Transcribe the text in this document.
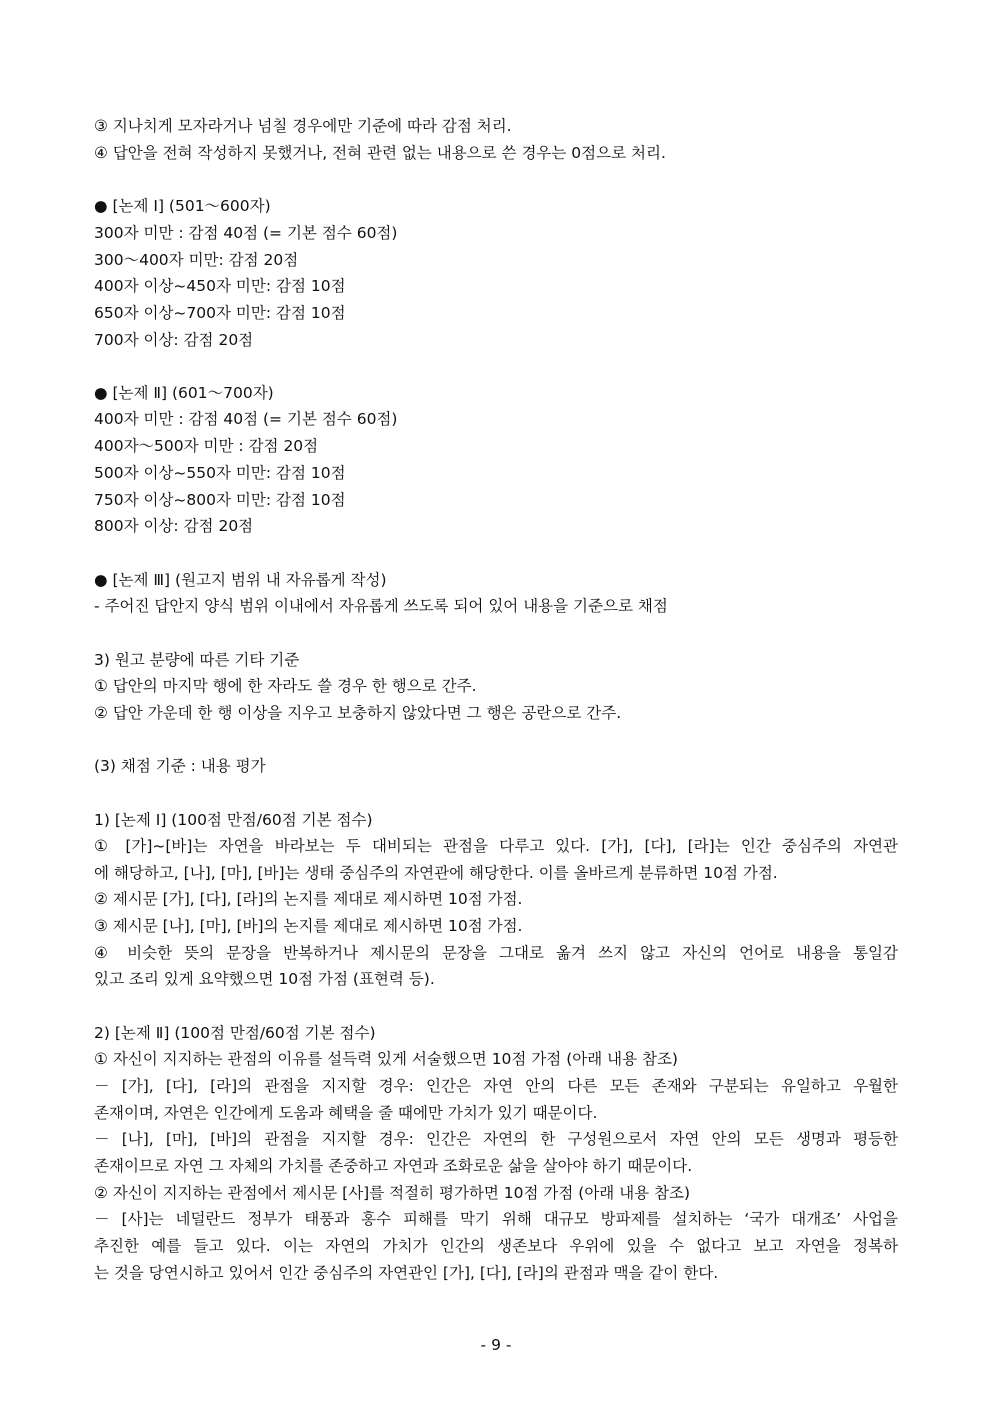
③ 지나치게 모자라거나 넘칠 경우에만 기준에 따라 감점 처리.
④ 답안을 전혀 작성하지 못했거나, 전혀 관련 없는 내용으로 쓴 경우는 0점으로 처리.
● [논제 Ⅰ] (501～600자)
300자 미만 : 감점 40점 (= 기본 점수 60점)
300～400자 미만: 감점 20점
400자 이상~450자 미만: 감점 10점
650자 이상~700자 미만: 감점 10점
700자 이상: 감점 20점
● [논제 Ⅱ] (601～700자)
400자 미만 : 감점 40점 (= 기본 점수 60점)
400자～500자 미만 : 감점 20점
500자 이상~550자 미만: 감점 10점
750자 이상~800자 미만: 감점 10점
800자 이상: 감점 20점
● [논제 Ⅲ] (원고지 범위 내 자유롭게 작성)
- 주어진 답안지 양식 범위 이내에서 자유롭게 쓰도록 되어 있어 내용을 기준으로 채점
3) 원고 분량에 따른 기타 기준
① 답안의 마지막 행에 한 자라도 쓸 경우 한 행으로 간주.
② 답안 가운데 한 행 이상을 지우고 보충하지 않았다면 그 행은 공란으로 간주.
(3) 채점 기준 : 내용 평가
1) [논제 I] (100점 만점/60점 기본 점수)
① [가]~[바]는 자연을 바라보는 두 대비되는 관점을 다루고 있다. [가], [다], [라]는 인간 중심주의 자연관
에 해당하고, [나], [마], [바]는 생태 중심주의 자연관에 해당한다. 이를 올바르게 분류하면 10점 가점.
② 제시문 [가], [다], [라]의 논지를 제대로 제시하면 10점 가점.
③ 제시문 [나], [마], [바]의 논지를 제대로 제시하면 10점 가점.
④ 비슷한 뜻의 문장을 반복하거나 제시문의 문장을 그대로 옮겨 쓰지 않고 자신의 언어로 내용을 통일감
있고 조리 있게 요약했으면 10점 가점 (표현력 등).
2) [논제 Ⅱ] (100점 만점/60점 기본 점수)
① 자신이 지지하는 관점의 이유를 설득력 있게 서술했으면 10점 가점 (아래 내용 참조)
－ [가], [다], [라]의 관점을 지지할 경우: 인간은 자연 안의 다른 모든 존재와 구분되는 유일하고 우월한
존재이며, 자연은 인간에게 도움과 혜택을 줄 때에만 가치가 있기 때문이다.
－ [나], [마], [바]의 관점을 지지할 경우: 인간은 자연의 한 구성원으로서 자연 안의 모든 생명과 평등한
존재이므로 자연 그 자체의 가치를 존중하고 자연과 조화로운 삶을 살아야 하기 때문이다.
② 자신이 지지하는 관점에서 제시문 [사]를 적절히 평가하면 10점 가점 (아래 내용 참조)
－ [사]는 네덜란드 정부가 태풍과 홍수 피해를 막기 위해 대규모 방파제를 설치하는 ‘국가 대개조’ 사업을
추진한 예를 들고 있다. 이는 자연의 가치가 인간의 생존보다 우위에 있을 수 없다고 보고 자연을 정복하
는 것을 당연시하고 있어서 인간 중심주의 자연관인 [가], [다], [라]의 관점과 맥을 같이 한다.
- 9 -
